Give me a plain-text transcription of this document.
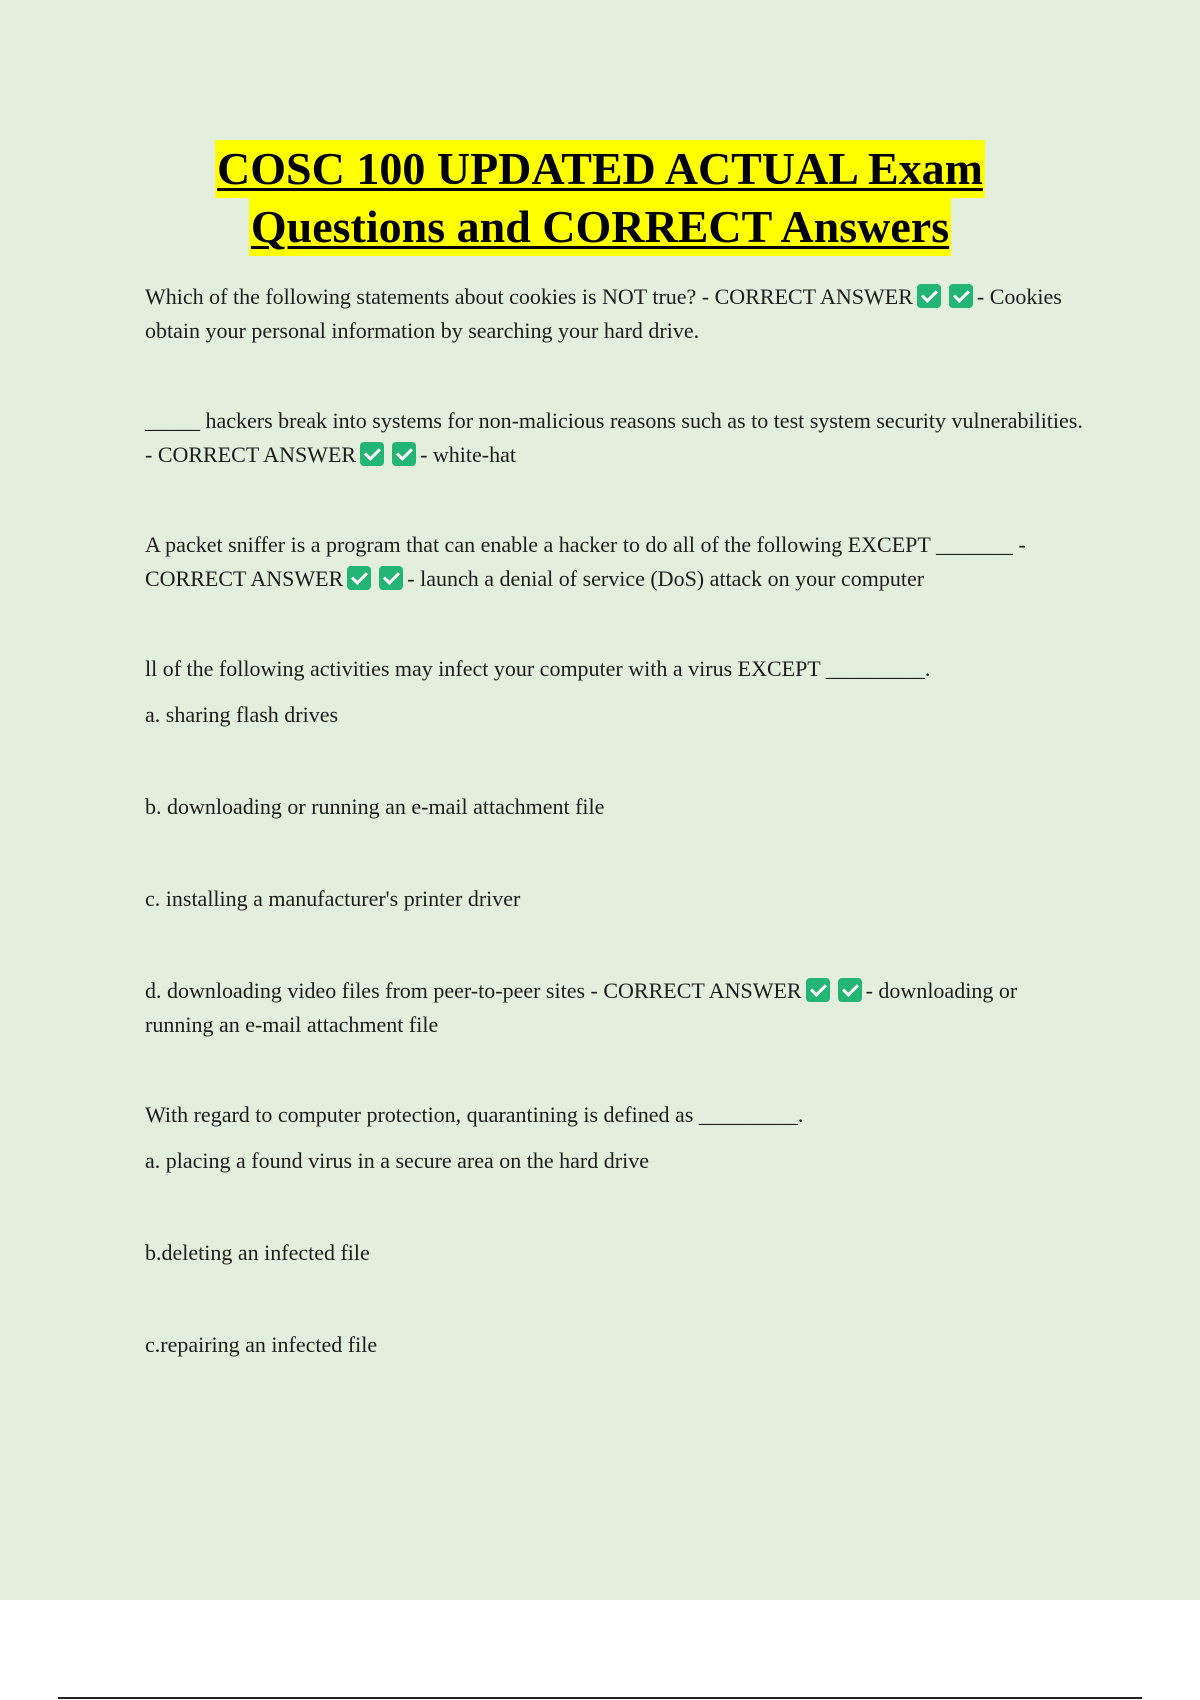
COSC 100 UPDATED ACTUAL Exam
Questions and CORRECT Answers

Which of the following statements about cookies is NOT true? - CORRECT ANSWER	- Cookies obtain your personal information by searching your hard drive.

_____ hackers break into systems for non-malicious reasons such as to test system security vulnerabilities. - CORRECT ANSWER	- white-hat

A packet sniffer is a program that can enable a hacker to do all of the following EXCEPT _______ - CORRECT ANSWER	- launch a denial of service (DoS) attack on your computer

ll of the following activities may infect your computer with a virus EXCEPT _________.

a. sharing flash drives

b. downloading or running an e-mail attachment file

c. installing a manufacturer's printer driver

d. downloading video files from peer-to-peer sites - CORRECT ANSWER	- downloading or running an e-mail attachment file

With regard to computer protection, quarantining is defined as _________.

a. placing a found virus in a secure area on the hard drive

b.deleting an infected file

c.repairing an infected file
